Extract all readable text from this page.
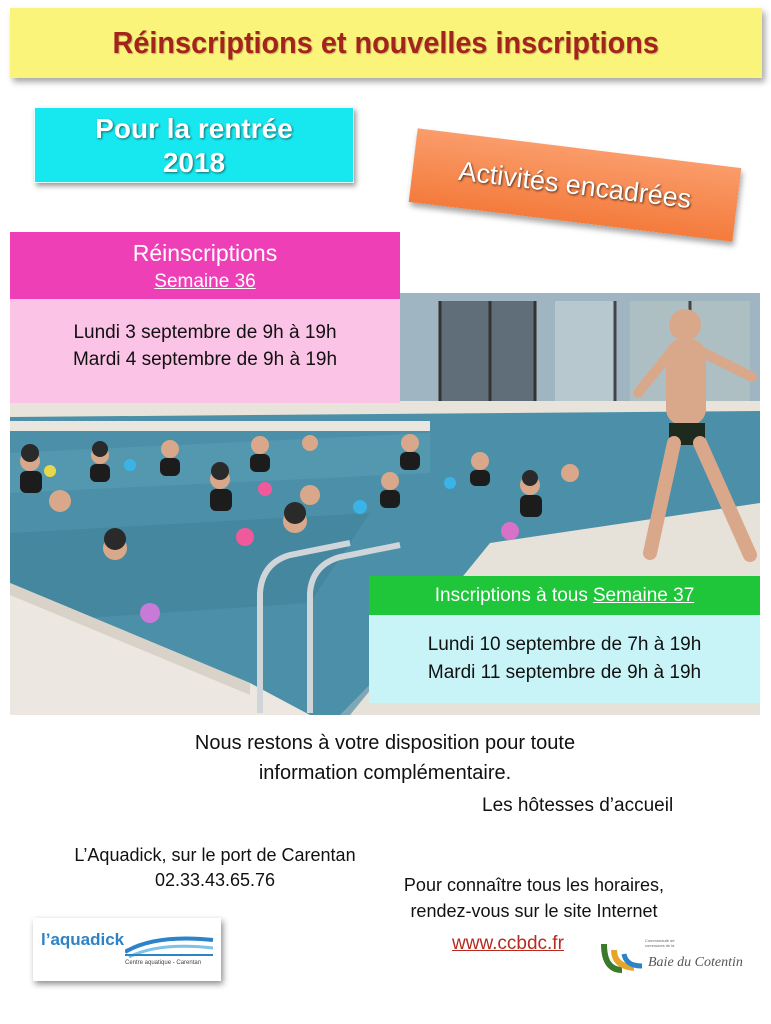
Réinscriptions et nouvelles inscriptions
Pour la rentrée
2018	Activités encadrées
Réinscriptions
Semaine 36
Lundi 3 septembre de 9h à 19h
Mardi 4 septembre de 9h à 19h
Inscriptions à tous Semaine 37
Lundi 10 septembre de 7h à 19h
Mardi 11 septembre de 9h à 19h
Nous restons à votre disposition pour toute
information complémentaire.
Les hôtesses d’accueil
L’Aquadick, sur le port de Carentan
02.33.43.65.76	Pour connaître tous les horaires,
rendez-vous sur le site Internet
www.ccbdc.fr
l’aquadick
Centre aquatique - Carentan
Communauté de communes de la
Baie du Cotentin
